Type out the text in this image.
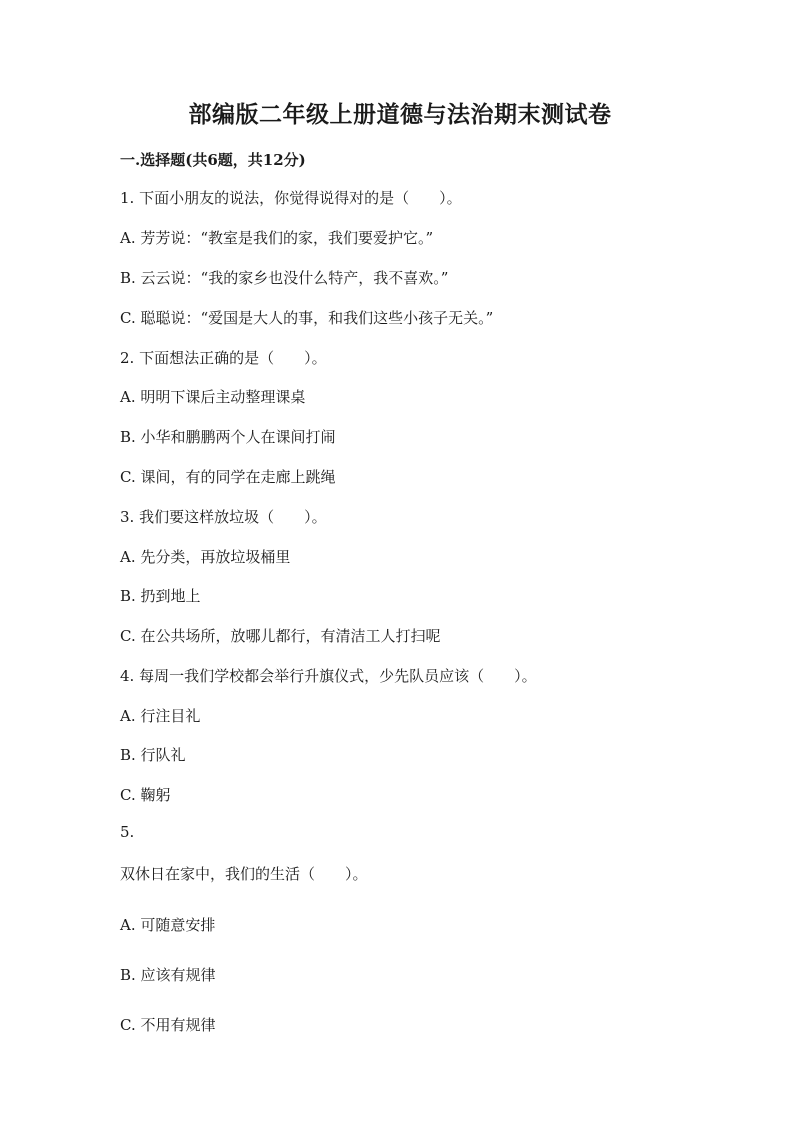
部编版二年级上册道德与法治期末测试卷
一.选择题(共6题，共12分)
1. 下面小朋友的说法，你觉得说得对的是（　　）。
A. 芳芳说：“教室是我们的家，我们要爱护它。”
B. 云云说：“我的家乡也没什么特产，我不喜欢。”
C. 聪聪说：“爱国是大人的事，和我们这些小孩子无关。”
2. 下面想法正确的是（　　）。
A. 明明下课后主动整理课桌
B. 小华和鹏鹏两个人在课间打闹
C. 课间，有的同学在走廊上跳绳
3. 我们要这样放垃圾（　　）。
A. 先分类，再放垃圾桶里
B. 扔到地上
C. 在公共场所，放哪儿都行，有清洁工人打扫呢
4. 每周一我们学校都会举行升旗仪式，少先队员应该（　　）。
A. 行注目礼
B. 行队礼
C. 鞠躬
5.
双休日在家中，我们的生活（　　）。
A. 可随意安排
B. 应该有规律
C. 不用有规律
